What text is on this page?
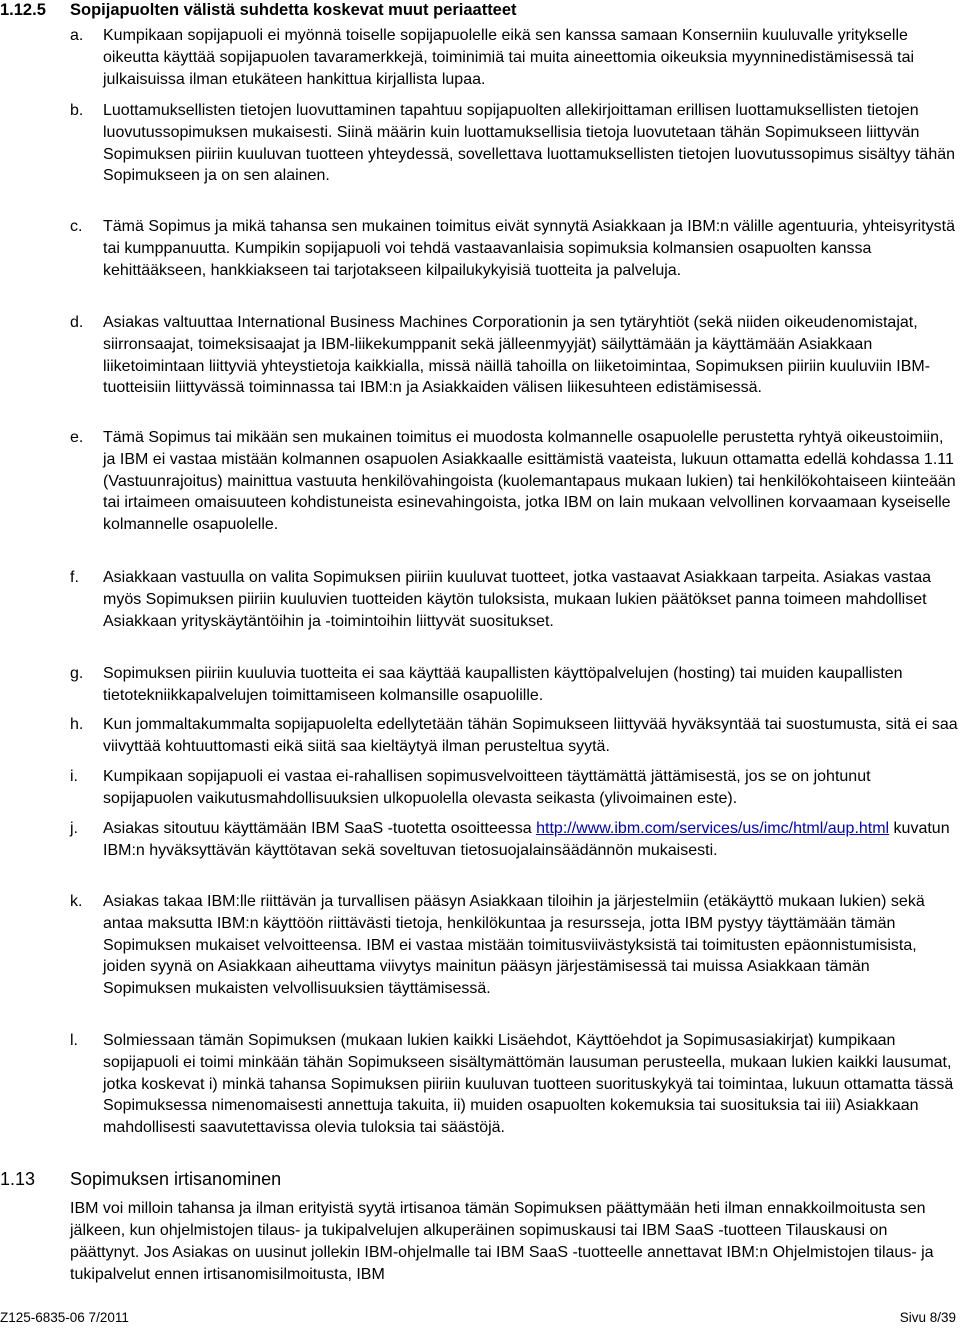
1.12.5 Sopijapuolten välistä suhdetta koskevat muut periaatteet
a. Kumpikaan sopijapuoli ei myönnä toiselle sopijapuolelle eikä sen kanssa samaan Konserniin kuuluvalle yritykselle oikeutta käyttää sopijapuolen tavaramerkkejä, toiminimiä tai muita aineettomia oikeuksia myynninedistämisessä tai julkaisuissa ilman etukäteen hankittua kirjallista lupaa.
b. Luottamuksellisten tietojen luovuttaminen tapahtuu sopijapuolten allekirjoittaman erillisen luottamuksellisten tietojen luovutussopimuksen mukaisesti. Siinä määrin kuin luottamuksellisia tietoja luovutetaan tähän Sopimukseen liittyvän Sopimuksen piiriin kuuluvan tuotteen yhteydessä, sovellettava luottamuksellisten tietojen luovutussopimus sisältyy tähän Sopimukseen ja on sen alainen.
c. Tämä Sopimus ja mikä tahansa sen mukainen toimitus eivät synnytä Asiakkaan ja IBM:n välille agentuuria, yhteisyritystä tai kumppanuutta. Kumpikin sopijapuoli voi tehdä vastaavanlaisia sopimuksia kolmansien osapuolten kanssa kehittääkseen, hankkiakseen tai tarjotakseen kilpailukykyisiä tuotteita ja palveluja.
d. Asiakas valtuuttaa International Business Machines Corporationin ja sen tytäryhtiöt (sekä niiden oikeudenomistajat, siirronsaajat, toimeksisaajat ja IBM-liikekumppanit sekä jälleenmyyjät) säilyttämään ja käyttämään Asiakkaan liiketoimintaan liittyviä yhteystietoja kaikkialla, missä näillä tahoilla on liiketoimintaa, Sopimuksen piiriin kuuluviin IBM-tuotteisiin liittyvässä toiminnassa tai IBM:n ja Asiakkaiden välisen liikesuhteen edistämisessä.
e. Tämä Sopimus tai mikään sen mukainen toimitus ei muodosta kolmannelle osapuolelle perustetta ryhtyä oikeustoimiin, ja IBM ei vastaa mistään kolmannen osapuolen Asiakkaalle esittämistä vaateista, lukuun ottamatta edellä kohdassa 1.11 (Vastuunrajoitus) mainittua vastuuta henkilövahingoista (kuolemantapaus mukaan lukien) tai henkilökohtaiseen kiinteään tai irtaimeen omaisuuteen kohdistuneista esinevahingoista, jotka IBM on lain mukaan velvollinen korvaamaan kyseiselle kolmannelle osapuolelle.
f. Asiakkaan vastuulla on valita Sopimuksen piiriin kuuluvat tuotteet, jotka vastaavat Asiakkaan tarpeita. Asiakas vastaa myös Sopimuksen piiriin kuuluvien tuotteiden käytön tuloksista, mukaan lukien päätökset panna toimeen mahdolliset Asiakkaan yrityskäytäntöihin ja -toimintoihin liittyvät suositukset.
g. Sopimuksen piiriin kuuluvia tuotteita ei saa käyttää kaupallisten käyttöpalvelujen (hosting) tai muiden kaupallisten tietotekniikkapalvelujen toimittamiseen kolmansille osapuolille.
h. Kun jommaltakummalta sopijapuolelta edellytetään tähän Sopimukseen liittyvää hyväksyntää tai suostumusta, sitä ei saa viivyttää kohtuuttomasti eikä siitä saa kieltäytyä ilman perusteltua syytä.
i. Kumpikaan sopijapuoli ei vastaa ei-rahallisen sopimusvelvoitteen täyttämättä jättämisestä, jos se on johtunut sopijapuolen vaikutusmahdollisuuksien ulkopuolella olevasta seikasta (ylivoimainen este).
j. Asiakas sitoutuu käyttämään IBM SaaS -tuotetta osoitteessa http://www.ibm.com/services/us/imc/html/aup.html kuvatun IBM:n hyväksyttävän käyttötavan sekä soveltuvan tietosuojalainsäädännön mukaisesti.
k. Asiakas takaa IBM:lle riittävän ja turvallisen pääsyn Asiakkaan tiloihin ja järjestelmiin (etäkäyttö mukaan lukien) sekä antaa maksutta IBM:n käyttöön riittävästi tietoja, henkilökuntaa ja resursseja, jotta IBM pystyy täyttämään tämän Sopimuksen mukaiset velvoitteensa. IBM ei vastaa mistään toimitusviivästyksistä tai toimitusten epäonnistumisista, joiden syynä on Asiakkaan aiheuttama viivytys mainitun pääsyn järjestämisessä tai muissa Asiakkaan tämän Sopimuksen mukaisten velvollisuuksien täyttämisessä.
l. Solmiessaan tämän Sopimuksen (mukaan lukien kaikki Lisäehdot, Käyttöehdot ja Sopimusasiakirjat) kumpikaan sopijapuoli ei toimi minkään tähän Sopimukseen sisältymättömän lausuman perusteella, mukaan lukien kaikki lausumat, jotka koskevat i) minkä tahansa Sopimuksen piiriin kuuluvan tuotteen suorituskykyä tai toimintaa, lukuun ottamatta tässä Sopimuksessa nimenomaisesti annettuja takuita, ii) muiden osapuolten kokemuksia tai suosituksia tai iii) Asiakkaan mahdollisesti saavutettavissa olevia tuloksia tai säästöjä.
1.13 Sopimuksen irtisanominen
IBM voi milloin tahansa ja ilman erityistä syytä irtisanoa tämän Sopimuksen päättymään heti ilman ennakkoilmoitusta sen jälkeen, kun ohjelmistojen tilaus- ja tukipalvelujen alkuperäinen sopimuskausi tai IBM SaaS -tuotteen Tilauskausi on päättynyt. Jos Asiakas on uusinut jollekin IBM-ohjelmalle tai IBM SaaS -tuotteelle annettavat IBM:n Ohjelmistojen tilaus- ja tukipalvelut ennen irtisanomisilmoitusta, IBM
Z125-6835-06 7/2011	Sivu 8/39
